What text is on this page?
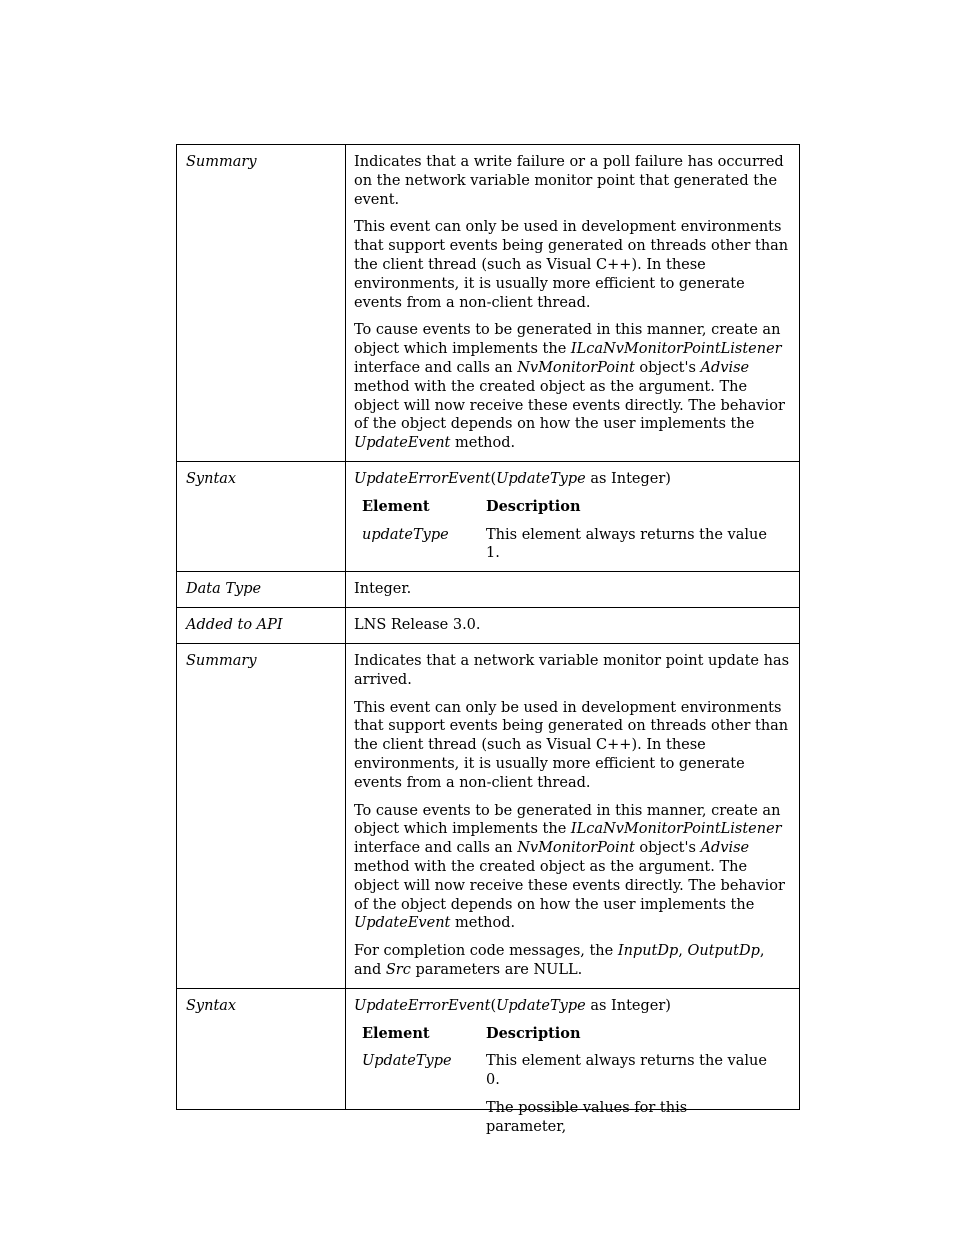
Summary	Indicates that a write failure or a poll failure has occurred on the network variable monitor point that generated the event.

This event can only be used in development environments that support events being generated on threads other than the client thread (such as Visual C++). In these environments, it is usually more efficient to generate events from a non-client thread.

To cause events to be generated in this manner, create an object which implements the ILcaNvMonitorPointListener interface and calls an NvMonitorPoint object's Advise method with the created object as the argument. The object will now receive these events directly. The behavior of the object depends on how the user implements the UpdateEvent method.

Syntax	UpdateErrorEvent(UpdateType as Integer)
Element	Description
updateType	This element always returns the value 1.

Data Type	Integer.
Added to API	LNS Release 3.0.
Summary	Indicates that a network variable monitor point update has arrived.

This event can only be used in development environments that support events being generated on threads other than the client thread (such as Visual C++). In these environments, it is usually more efficient to generate events from a non-client thread.

To cause events to be generated in this manner, create an object which implements the ILcaNvMonitorPointListener interface and calls an NvMonitorPoint object's Advise method with the created object as the argument. The object will now receive these events directly. The behavior of the object depends on how the user implements the UpdateEvent method.

For completion code messages, the InputDp, OutputDp, and Src parameters are NULL.

Syntax	UpdateErrorEvent(UpdateType as Integer)
Element	Description
UpdateType	This element always returns the value 0.
The possible values for this parameter,
